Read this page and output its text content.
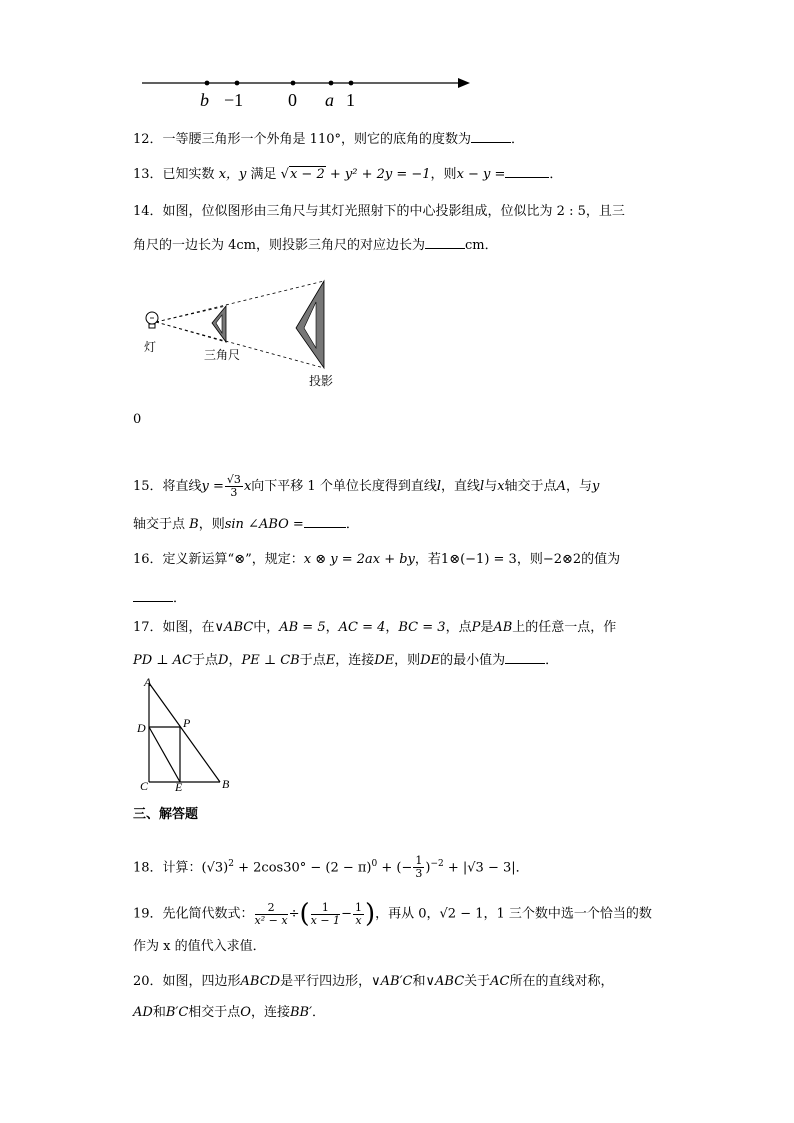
b −1 0 a 1
12．一等腰三角形一个外角是 110°，则它的底角的度数为	．
13．已知实数 x，y 满足 √x − 2 + y² + 2y = −1，则x − y =	．
14．如图，位似图形由三角尺与其灯光照射下的中心投影组成，位似比为 2 : 5，且三
角尺的一边长为 4cm，则投影三角尺的对应边长为	cm．
灯
三角尺
投影
0
15．将直线$y = \frac{√3}{3}$ x向下平移 1 个单位长度得到直线l，直线l与x轴交于点A，与y
轴交于点 B，则sin ∠ABO =	．
16．定义新运算“⊗”，规定：x ⊗ y = 2ax + by，若1⊗(−1) = 3，则−2⊗2的值为
．
17．如图，在∨ABC中，AB = 5，AC = 4，BC = 3，点P是AB上的任意一点，作
PD ⊥ AC于点D，PE ⊥ CB于点E，连接DE，则DE的最小值为	．
A
D	P
C E	B
三、解答题
18．计算：$(√3)^2 + 2\cos 30^\circ - (2 - \pi)^0$ + (− $\frac{1}{3} )^{-2} + |√3 - 3|$．
19．先化简代数式： $\frac{2}{\text{x² − x}}$ ÷( $\frac{1}{x - 1} - \frac{1}{x}$ )，再从 0，√2 − 1，1 三个数中选一个恰当的数
作为 x 的值代入求值．
20．如图，四边形ABCD是平行四边形，∨AB′C和∨ABC关于AC所在的直线对称，
AD和B′C相交于点O，连接BB′．
